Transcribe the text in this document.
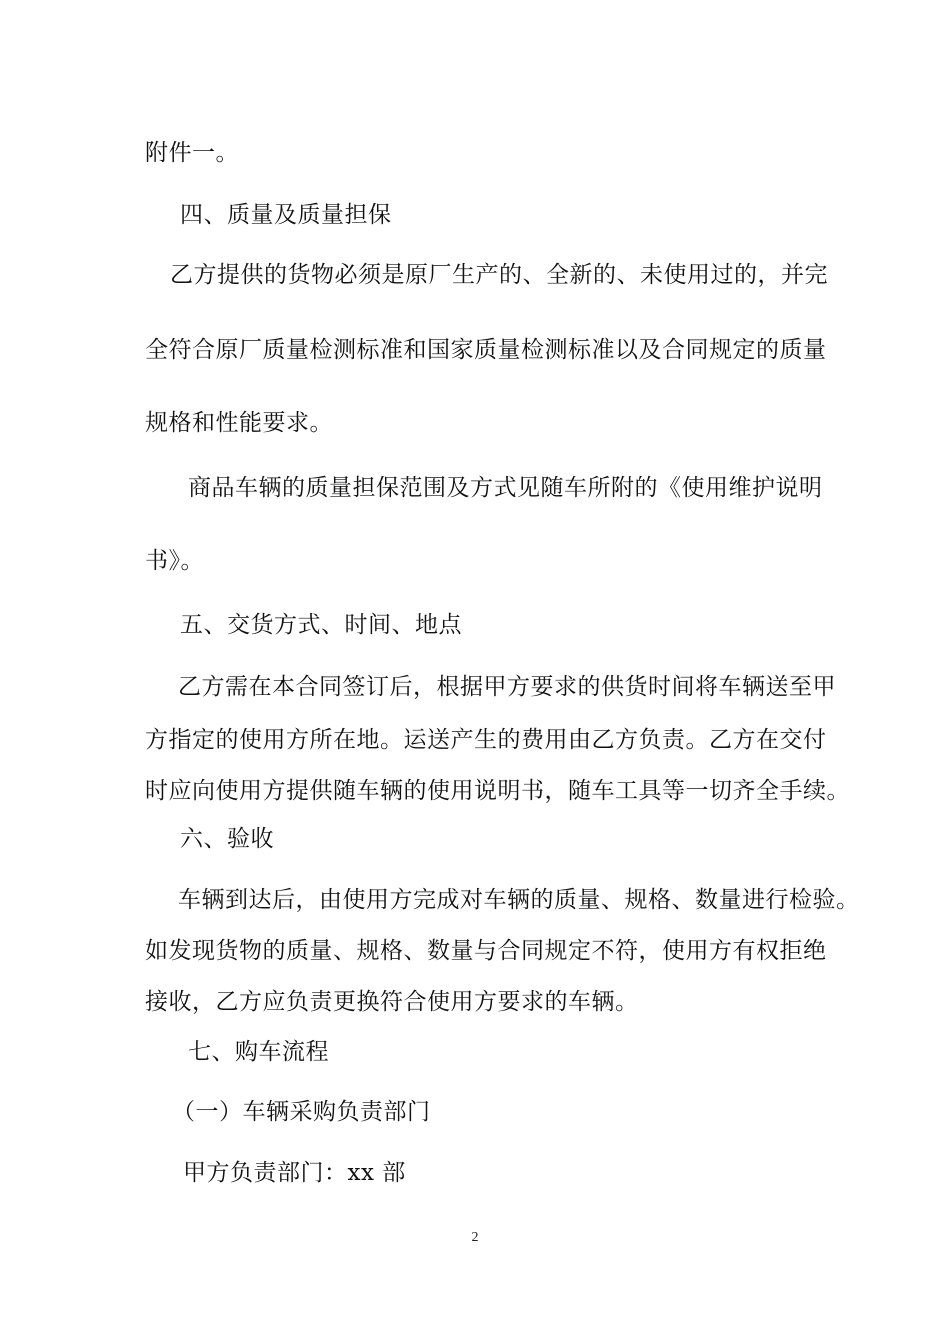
附件一。
四、质量及质量担保
乙方提供的货物必须是原厂生产的、全新的、未使用过的，并完
全符合原厂质量检测标准和国家质量检测标准以及合同规定的质量
规格和性能要求。
商品车辆的质量担保范围及方式见随车所附的《使用维护说明
书》。
五、交货方式、时间、地点
乙方需在本合同签订后，根据甲方要求的供货时间将车辆送至甲
方指定的使用方所在地。运送产生的费用由乙方负责。乙方在交付
时应向使用方提供随车辆的使用说明书，随车工具等一切齐全手续。
六、验收
车辆到达后，由使用方完成对车辆的质量、规格、数量进行检验。
如发现货物的质量、规格、数量与合同规定不符，使用方有权拒绝
接收，乙方应负责更换符合使用方要求的车辆。
七、购车流程
（一）车辆采购负责部门
甲方负责部门：xx 部
2
